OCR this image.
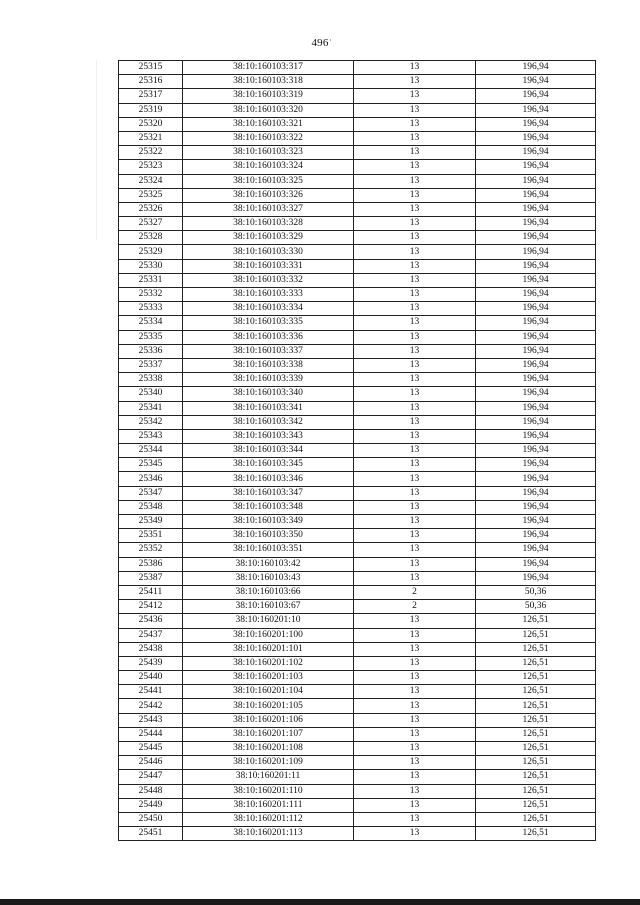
·
496
25315	38:10:160103:317	13	196,94
25316	38:10:160103:318	13	196,94
25317	38:10:160103:319	13	196,94
25319	38:10:160103:320	13	196,94
25320	38:10:160103:321	13	196,94
25321	38:10:160103:322	13	196,94
25322	38:10:160103:323	13	196,94
25323	38:10:160103:324	13	196,94
25324	38:10:160103:325	13	196,94
25325	38:10:160103:326	13	196,94
25326	38:10:160103:327	13	196,94
25327	38:10:160103:328	13	196,94
25328	38:10:160103:329	13	196,94
25329	38:10:160103:330	13	196,94
25330	38:10:160103:331	13	196,94
25331	38:10:160103:332	13	196,94
25332	38:10:160103:333	13	196,94
25333	38:10:160103:334	13	196,94
25334	38:10:160103:335	13	196,94
25335	38:10:160103:336	13	196,94
25336	38:10:160103:337	13	196,94
25337	38:10:160103:338	13	196,94
25338	38:10:160103:339	13	196,94
25340	38:10:160103:340	13	196,94
25341	38:10:160103:341	13	196,94
25342	38:10:160103:342	13	196,94
25343	38:10:160103:343	13	196,94
25344	38:10:160103:344	13	196,94
25345	38:10:160103:345	13	196,94
25346	38:10:160103:346	13	196,94
25347	38:10:160103:347	13	196,94
25348	38:10:160103:348	13	196,94
25349	38:10:160103:349	13	196,94
25351	38:10:160103:350	13	196,94
25352	38:10:160103:351	13	196,94
25386	38:10:160103:42	13	196,94
25387	38:10:160103:43	13	196,94
25411	38:10:160103:66	2	50,36
25412	38:10:160103:67	2	50,36
25436	38:10:160201:10	13	126,51
25437	38:10:160201:100	13	126,51
25438	38:10:160201:101	13	126,51
25439	38:10:160201:102	13	126,51
25440	38:10:160201:103	13	126,51
25441	38:10:160201:104	13	126,51
25442	38:10:160201:105	13	126,51
25443	38:10:160201:106	13	126,51
25444	38:10:160201:107	13	126,51
25445	38:10:160201:108	13	126,51
25446	38:10:160201:109	13	126,51
25447	38:10:160201:11	13	126,51
25448	38:10:160201:110	13	126,51
25449	38:10:160201:111	13	126,51
25450	38:10:160201:112	13	126,51
25451	38:10:160201:113	13	126,51
